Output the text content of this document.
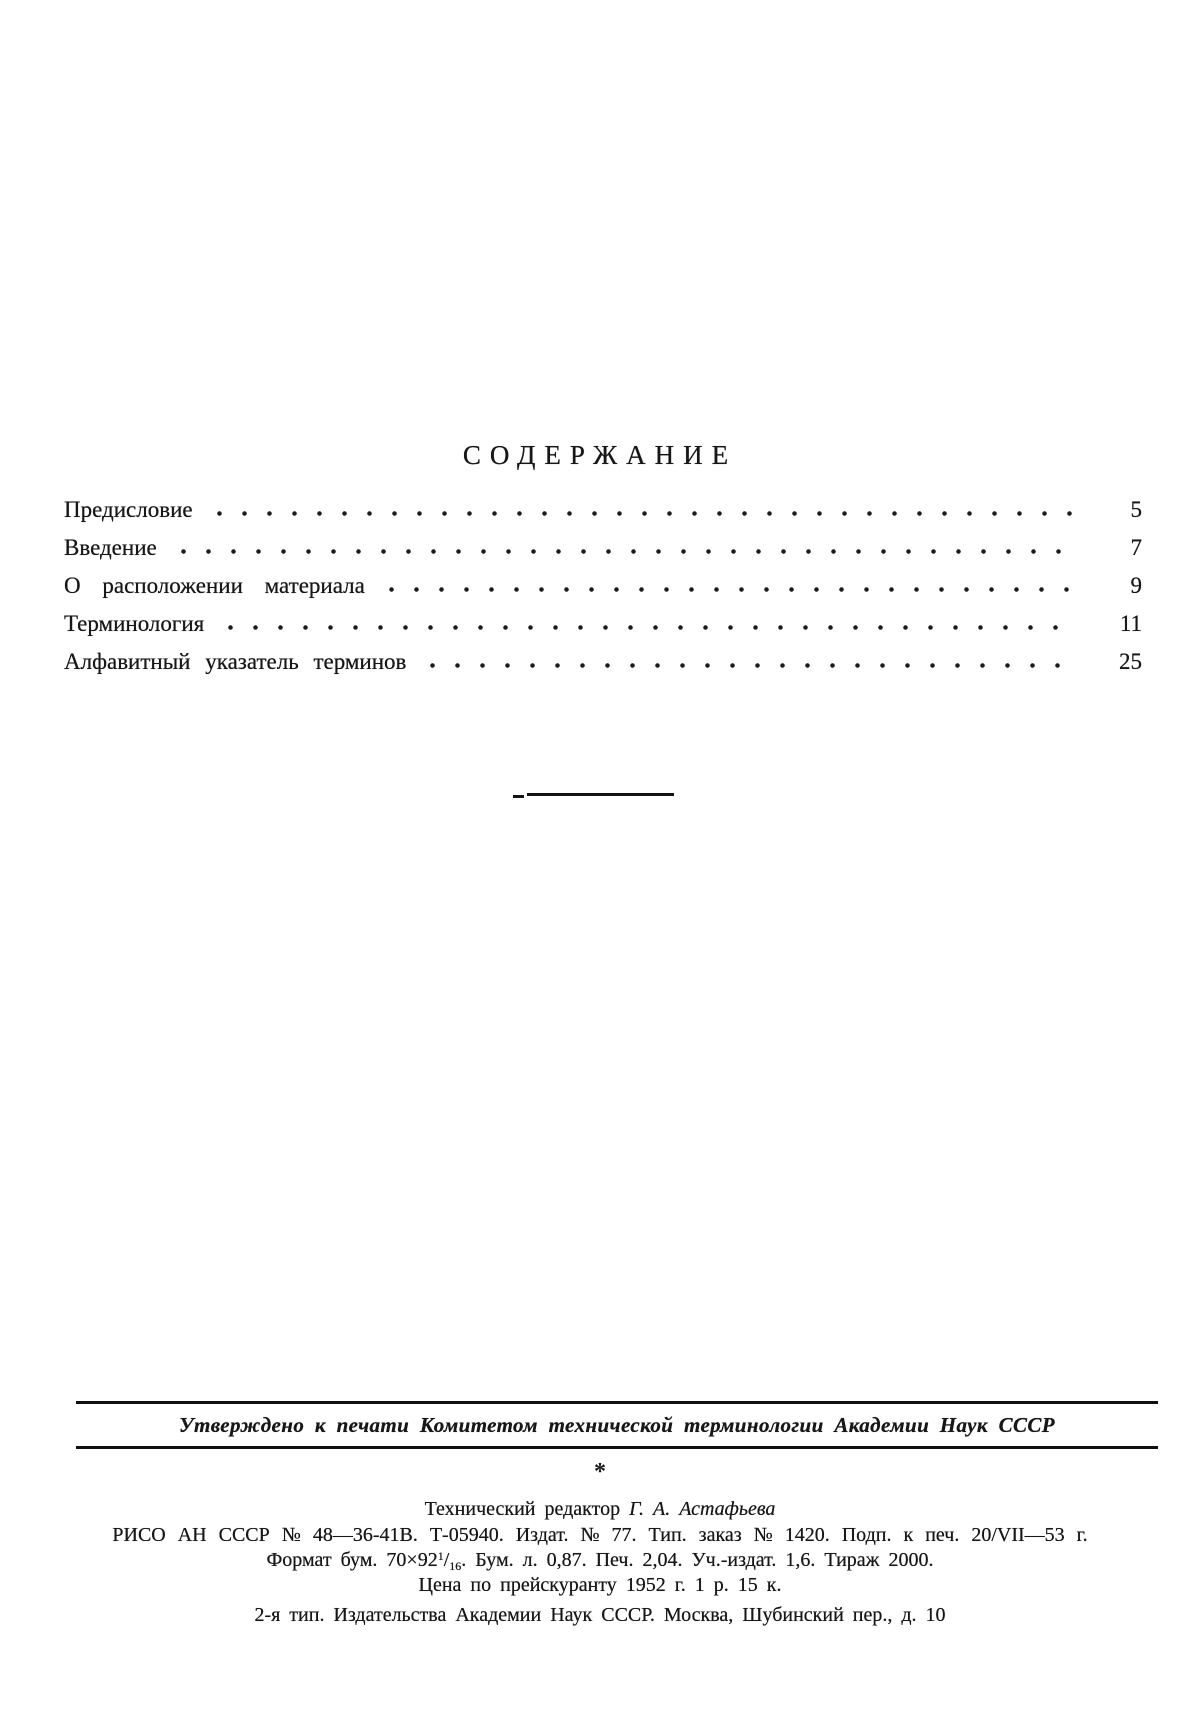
СОДЕРЖАНИЕ
Предисловие	5
Введение	7
О расположении материала	9
Терминология	11
Алфавитный указатель терминов	25
Утверждено к печати Комитетом технической терминологии Академии Наук СССР
*
Технический редактор Г. А. Астафьева
РИСО АН СССР № 48—36-41В. Т-05940. Издат. № 77. Тип. заказ № 1420. Подп. к печ. 20/VII—53 г.
Формат бум. $70\times 92^1/_{16}$. Бум. л. 0,87. Печ. 2,04. Уч.-издат. 1,6. Тираж 2000.
Цена по прейскуранту 1952 г. 1 р. 15 к.
2-я тип. Издательства Академии Наук СССР. Москва, Шубинский пер., д. 10
